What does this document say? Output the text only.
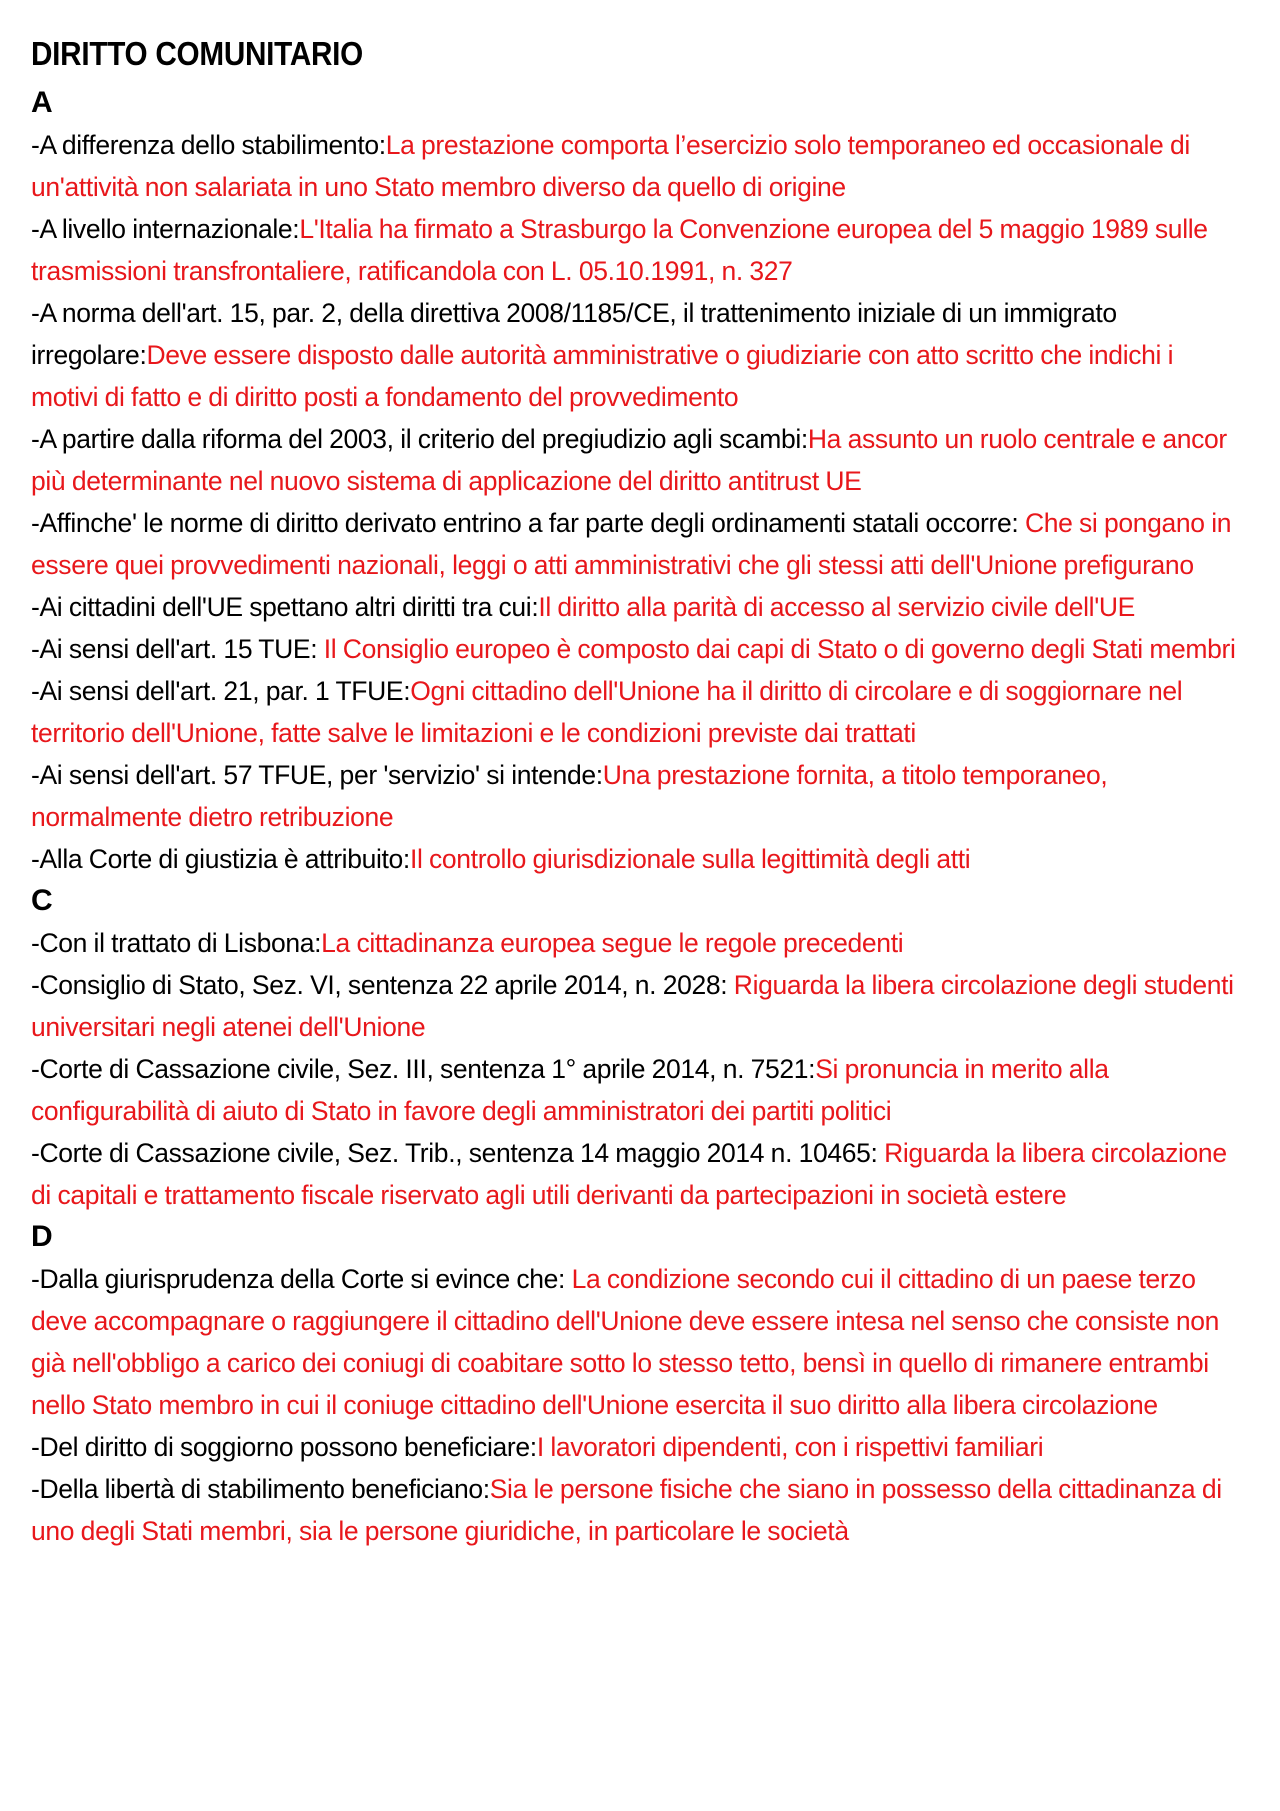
DIRITTO COMUNITARIO
A
-A differenza dello stabilimento:La prestazione comporta l’esercizio solo temporaneo ed occasionale di un'attività non salariata in uno Stato membro diverso da quello di origine
-A livello internazionale:L'Italia ha firmato a Strasburgo la Convenzione europea del 5 maggio 1989 sulle trasmissioni transfrontaliere, ratificandola con L. 05.10.1991, n. 327
-A norma dell'art. 15, par. 2, della direttiva 2008/1185/CE, il trattenimento iniziale di un immigrato irregolare:Deve essere disposto dalle autorità amministrative o giudiziarie con atto scritto che indichi i motivi di fatto e di diritto posti a fondamento del provvedimento
-A partire dalla riforma del 2003, il criterio del pregiudizio agli scambi:Ha assunto un ruolo centrale e ancor più determinante nel nuovo sistema di applicazione del diritto antitrust UE
-Affinche' le norme di diritto derivato entrino a far parte degli ordinamenti statali occorre: Che si pongano in essere quei provvedimenti nazionali, leggi o atti amministrativi che gli stessi atti dell'Unione prefigurano
-Ai cittadini dell'UE spettano altri diritti tra cui:Il diritto alla parità di accesso al servizio civile dell'UE
-Ai sensi dell'art. 15 TUE: Il Consiglio europeo è composto dai capi di Stato o di governo degli Stati membri
-Ai sensi dell'art. 21, par. 1 TFUE:Ogni cittadino dell'Unione ha il diritto di circolare e di soggiornare nel territorio dell'Unione, fatte salve le limitazioni e le condizioni previste dai trattati
-Ai sensi dell'art. 57 TFUE, per 'servizio' si intende:Una prestazione fornita, a titolo temporaneo, normalmente dietro retribuzione
-Alla Corte di giustizia è attribuito:Il controllo giurisdizionale sulla legittimità degli atti
C
-Con il trattato di Lisbona:La cittadinanza europea segue le regole precedenti
-Consiglio di Stato, Sez. VI, sentenza 22 aprile 2014, n. 2028: Riguarda la libera circolazione degli studenti universitari negli atenei dell'Unione
-Corte di Cassazione civile, Sez. III, sentenza 1° aprile 2014, n. 7521:Si pronuncia in merito alla configurabilità di aiuto di Stato in favore degli amministratori dei partiti politici
-Corte di Cassazione civile, Sez. Trib., sentenza 14 maggio 2014 n. 10465: Riguarda la libera circolazione di capitali e trattamento fiscale riservato agli utili derivanti da partecipazioni in società estere
D
-Dalla giurisprudenza della Corte si evince che: La condizione secondo cui il cittadino di un paese terzo deve accompagnare o raggiungere il cittadino dell'Unione deve essere intesa nel senso che consiste non già nell'obbligo a carico dei coniugi di coabitare sotto lo stesso tetto, bensì in quello di rimanere entrambi nello Stato membro in cui il coniuge cittadino dell'Unione esercita il suo diritto alla libera circolazione
-Del diritto di soggiorno possono beneficiare:I lavoratori dipendenti, con i rispettivi familiari
-Della libertà di stabilimento beneficiano:Sia le persone fisiche che siano in possesso della cittadinanza di uno degli Stati membri, sia le persone giuridiche, in particolare le società
